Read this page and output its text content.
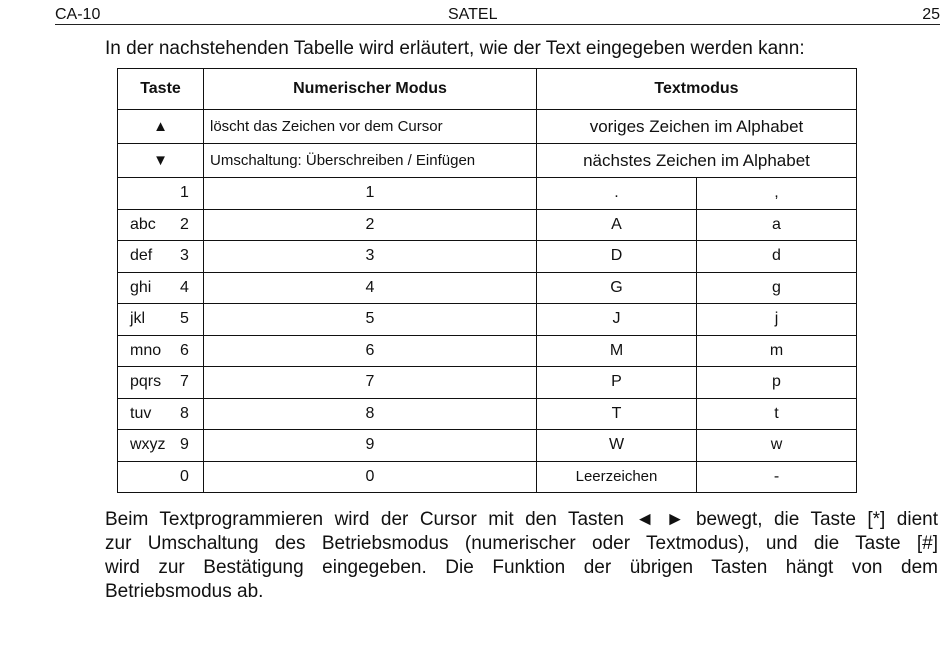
CA-10	SATEL	25
In der nachstehenden Tabelle wird erläutert, wie der Text eingegeben werden kann:
Taste	Numerischer Modus	Textmodus	
▲	löscht das Zeichen vor dem Cursor	voriges Zeichen im Alphabet	
▼	Umschaltung: Überschreiben / Einfügen	nächstes Zeichen im Alphabet	

1	1	.	,

abc 2	2	A	a

def 3	3	D	d

ghi 4	4	G	g

jkl 5	5	J	j

mno 6	6	M	m

pqrs 7	7	P	p

tuv 8	8	T	t

wxyz 9	9	W	w

0	0	Leerzeichen	-
Beim Textprogrammieren wird der Cursor mit den Tasten ◄ ► bewegt, die Taste [*] dient
zur Umschaltung des Betriebsmodus (numerischer oder Textmodus), und die Taste [#]
wird zur Bestätigung eingegeben. Die Funktion der übrigen Tasten hängt von dem
Betriebsmodus ab.
